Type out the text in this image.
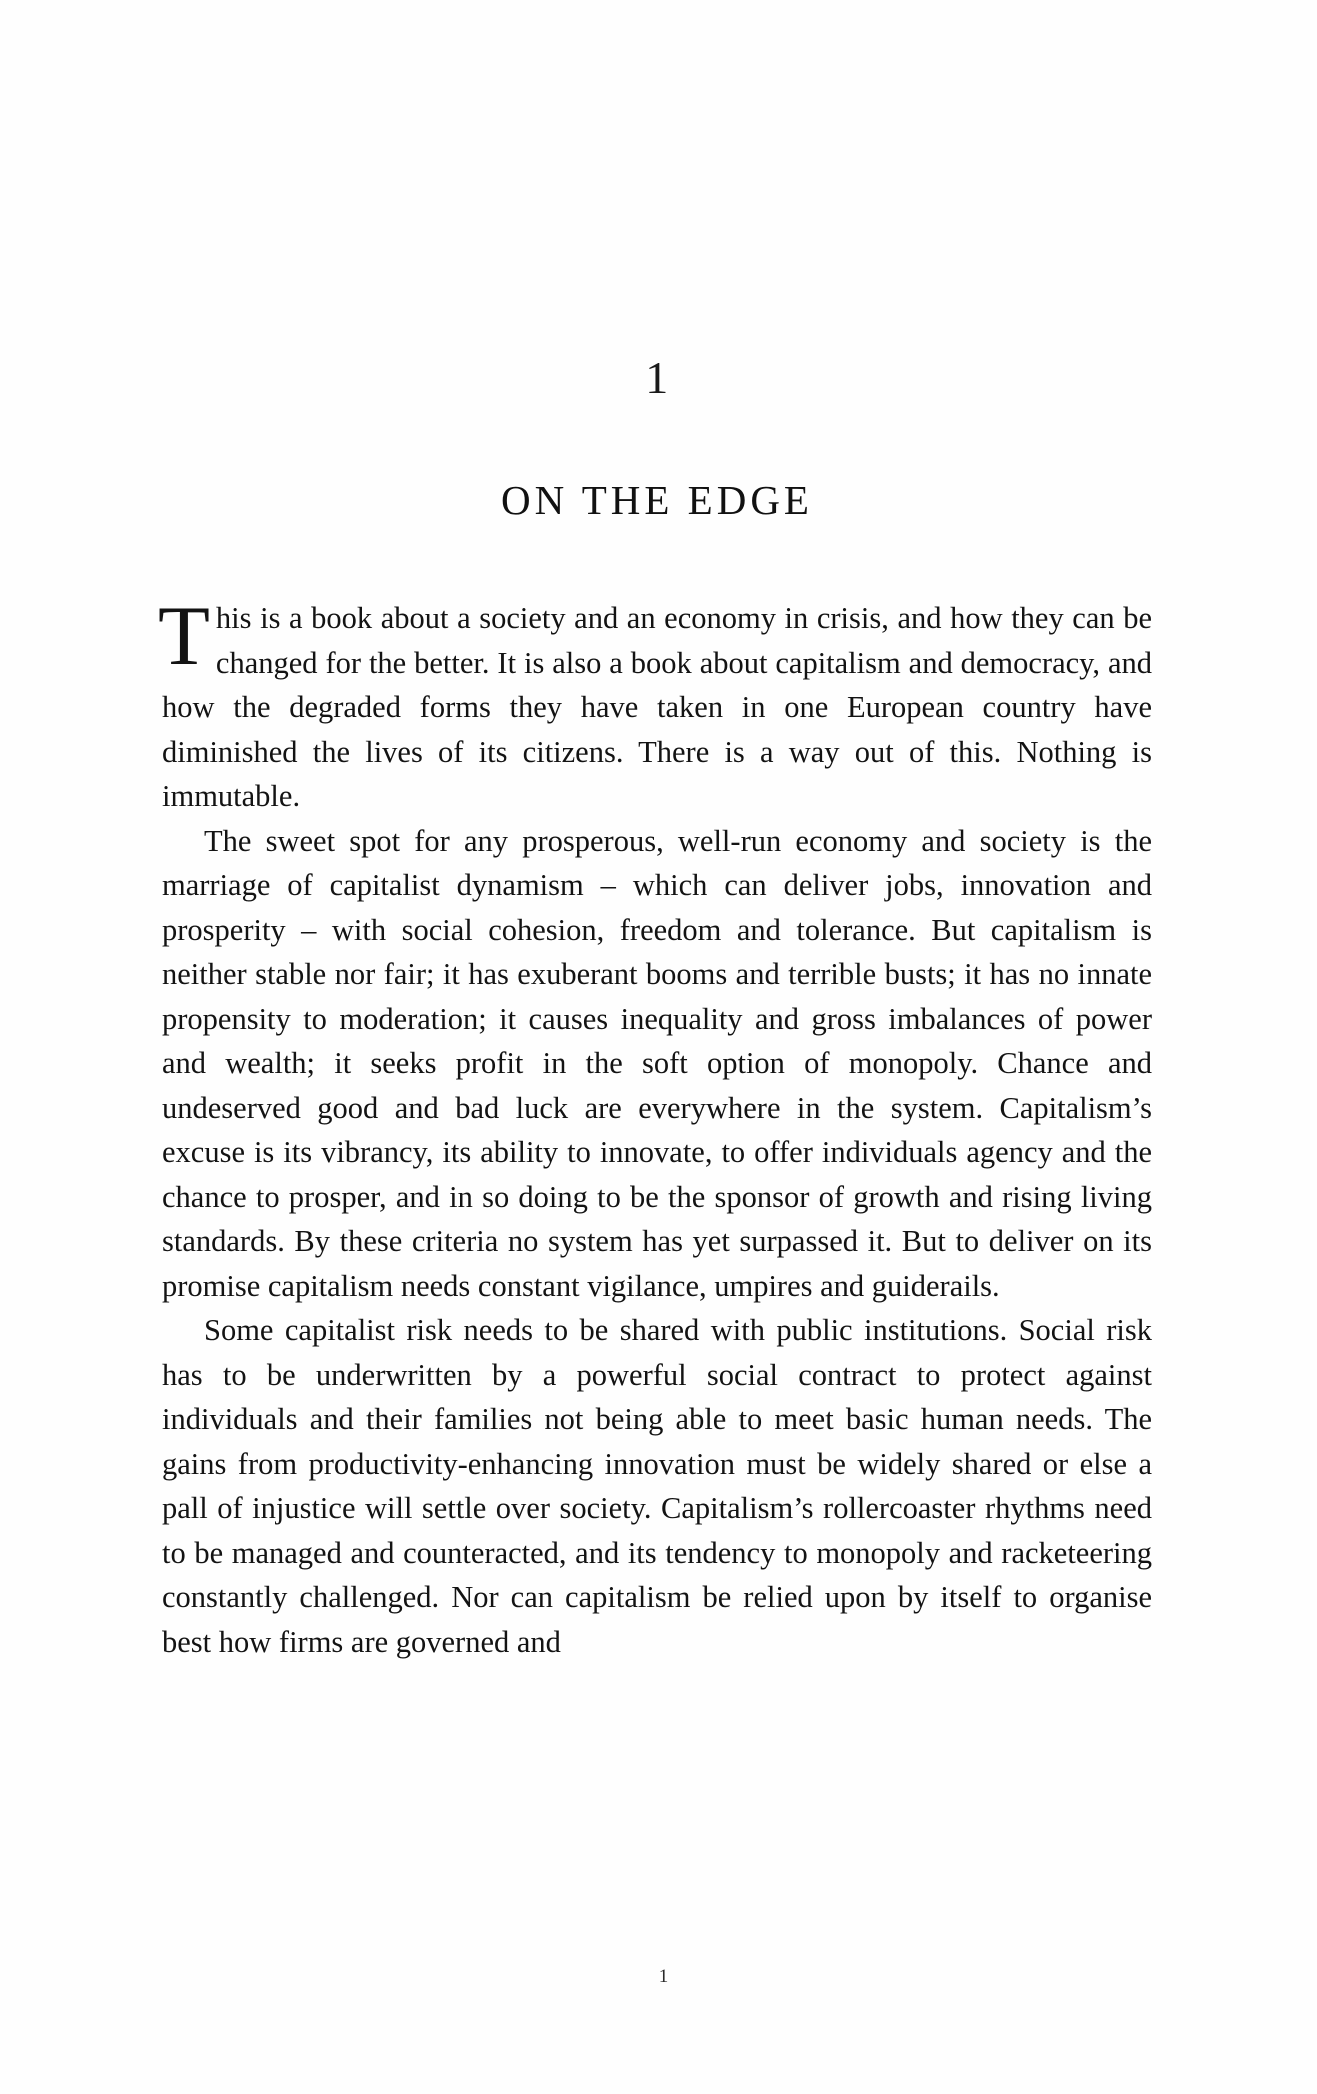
1
ON THE EDGE

This is a book about a society and an economy in crisis, and how they can be changed for the better. It is also a book about capitalism and democracy, and how the degraded forms they have taken in one European country have diminished the lives of its citizens. There is a way out of this. Nothing is immutable.

The sweet spot for any prosperous, well-run economy and society is the marriage of capitalist dynamism – which can deliver jobs, innovation and prosperity – with social cohesion, freedom and tolerance. But capitalism is neither stable nor fair; it has exuberant booms and terrible busts; it has no innate propensity to moderation; it causes inequality and gross imbalances of power and wealth; it seeks profit in the soft option of monopoly. Chance and undeserved good and bad luck are everywhere in the system. Capitalism’s excuse is its vibrancy, its ability to innovate, to offer individuals agency and the chance to prosper, and in so doing to be the sponsor of growth and rising living standards. By these criteria no system has yet surpassed it. But to deliver on its promise capitalism needs constant vigilance, umpires and guiderails.

Some capitalist risk needs to be shared with public institutions. Social risk has to be underwritten by a powerful social contract to protect against individuals and their families not being able to meet basic human needs. The gains from productivity-enhancing innovation must be widely shared or else a pall of injustice will settle over society. Capitalism’s rollercoaster rhythms need to be managed and counteracted, and its tendency to monopoly and racketeering constantly challenged. Nor can capitalism be relied upon by itself to organise best how firms are governed and

1
